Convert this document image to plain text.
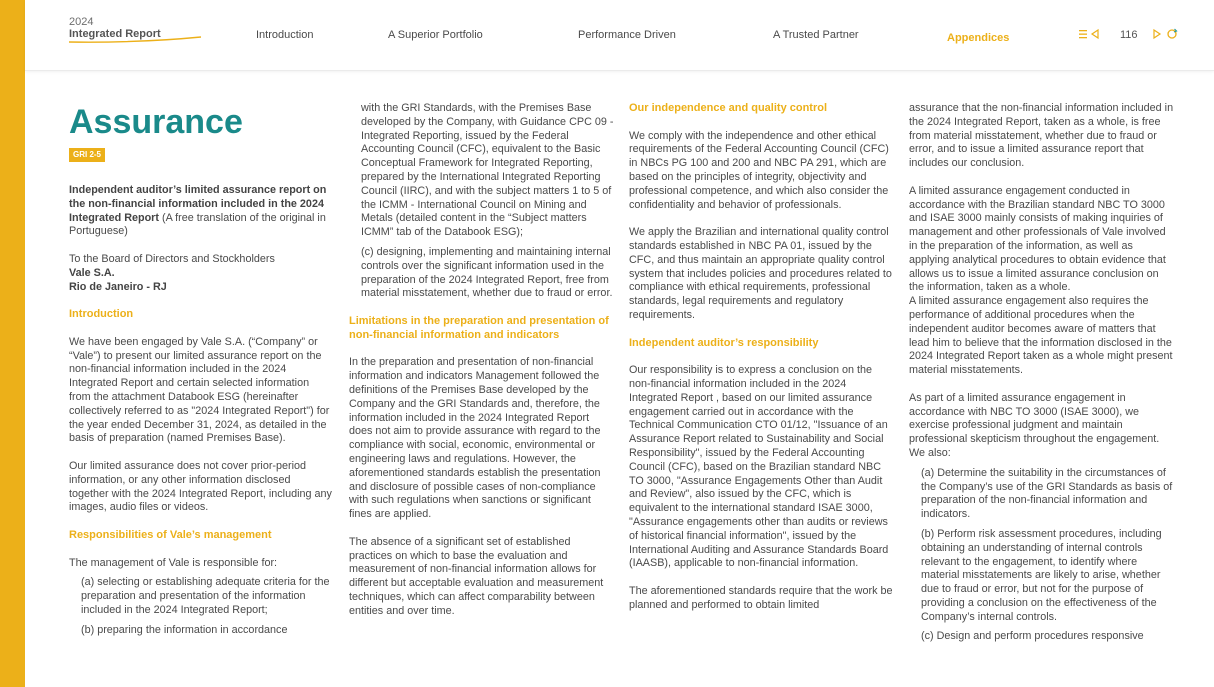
2024
Integrated Report	Introduction	A Superior Portfolio	Performance Driven	A Trusted Partner	Appendices	116
Assurance
GRI 2-5

Independent auditor’s limited assurance report on the non-financial information included in the 2024 Integrated Report (A free translation of the original in Portuguese)

To the Board of Directors and Stockholders
Vale S.A.
Rio de Janeiro - RJ

Introduction

We have been engaged by Vale S.A. (“Company” or “Vale”) to present our limited assurance report on the non-financial information included in the 2024 Integrated Report and certain selected information from the attachment Databook ESG (hereinafter collectively referred to as "2024 Integrated Report") for the year ended December 31, 2024, as detailed in the basis of preparation (named Premises Base).

Our limited assurance does not cover prior-period information, or any other information disclosed together with the 2024 Integrated Report, including any images, audio files or videos.

Responsibilities of Vale’s management

The management of Vale is responsible for:

(a) selecting or establishing adequate criteria for the preparation and presentation of the information included in the 2024 Integrated Report;

(b) preparing the information in accordance

with the GRI Standards, with the Premises Base developed by the Company, with Guidance CPC 09 - Integrated Reporting, issued by the Federal Accounting Council (CFC), equivalent to the Basic Conceptual Framework for Integrated Reporting, prepared by the International Integrated Reporting Council (IIRC), and with the subject matters 1 to 5 of the ICMM - International Council on Mining and Metals (detailed content in the “Subject matters ICMM” tab of the Databook ESG);

(c) designing, implementing and maintaining internal controls over the significant information used in the preparation of the 2024 Integrated Report, free from material misstatement, whether due to fraud or error.

Limitations in the preparation and presentation of non-financial information and indicators

In the preparation and presentation of non-financial information and indicators Management followed the definitions of the Premises Base developed by the Company and the GRI Standards and, therefore, the information included in the 2024 Integrated Report does not aim to provide assurance with regard to the compliance with social, economic, environmental or engineering laws and regulations. However, the aforementioned standards establish the presentation and disclosure of possible cases of non-compliance with such regulations when sanctions or significant fines are applied.

The absence of a significant set of established practices on which to base the evaluation and measurement of non-financial information allows for different but acceptable evaluation and measurement techniques, which can affect comparability between entities and over time.

Our independence and quality control

We comply with the independence and other ethical requirements of the Federal Accounting Council (CFC) in NBCs PG 100 and 200 and NBC PA 291, which are based on the principles of integrity, objectivity and professional competence, and which also consider the confidentiality and behavior of professionals.

We apply the Brazilian and international quality control standards established in NBC PA 01, issued by the CFC, and thus maintain an appropriate quality control system that includes policies and procedures related to compliance with ethical requirements, professional standards, legal requirements and regulatory requirements.

Independent auditor’s responsibility

Our responsibility is to express a conclusion on the non-financial information included in the 2024 Integrated Report , based on our limited assurance engagement carried out in accordance with the Technical Communication CTO 01/12, "Issuance of an Assurance Report related to Sustainability and Social Responsibility", issued by the Federal Accounting Council (CFC), based on the Brazilian standard NBC TO 3000, "Assurance Engagements Other than Audit and Review", also issued by the CFC, which is equivalent to the international standard ISAE 3000, "Assurance engagements other than audits or reviews of historical financial information", issued by the International Auditing and Assurance Standards Board (IAASB), applicable to non-financial information.

The aforementioned standards require that the work be planned and performed to obtain limited

assurance that the non-financial information included in the 2024 Integrated Report, taken as a whole, is free from material misstatement, whether due to fraud or error, and to issue a limited assurance report that includes our conclusion.

A limited assurance engagement conducted in accordance with the Brazilian standard NBC TO 3000 and ISAE 3000 mainly consists of making inquiries of management and other professionals of Vale involved in the preparation of the information, as well as applying analytical procedures to obtain evidence that allows us to issue a limited assurance conclusion on the information, taken as a whole.

A limited assurance engagement also requires the performance of additional procedures when the independent auditor becomes aware of matters that lead him to believe that the information disclosed in the 2024 Integrated Report taken as a whole might present material misstatements.

As part of a limited assurance engagement in accordance with NBC TO 3000 (ISAE 3000), we exercise professional judgment and maintain professional skepticism throughout the engagement. We also:

(a) Determine the suitability in the circumstances of the Company’s use of the GRI Standards as basis of preparation of the non-financial information and indicators.

(b) Perform risk assessment procedures, including obtaining an understanding of internal controls relevant to the engagement, to identify where material misstatements are likely to arise, whether due to fraud or error, but not for the purpose of providing a conclusion on the effectiveness of the Company’s internal controls.

(c) Design and perform procedures responsive
